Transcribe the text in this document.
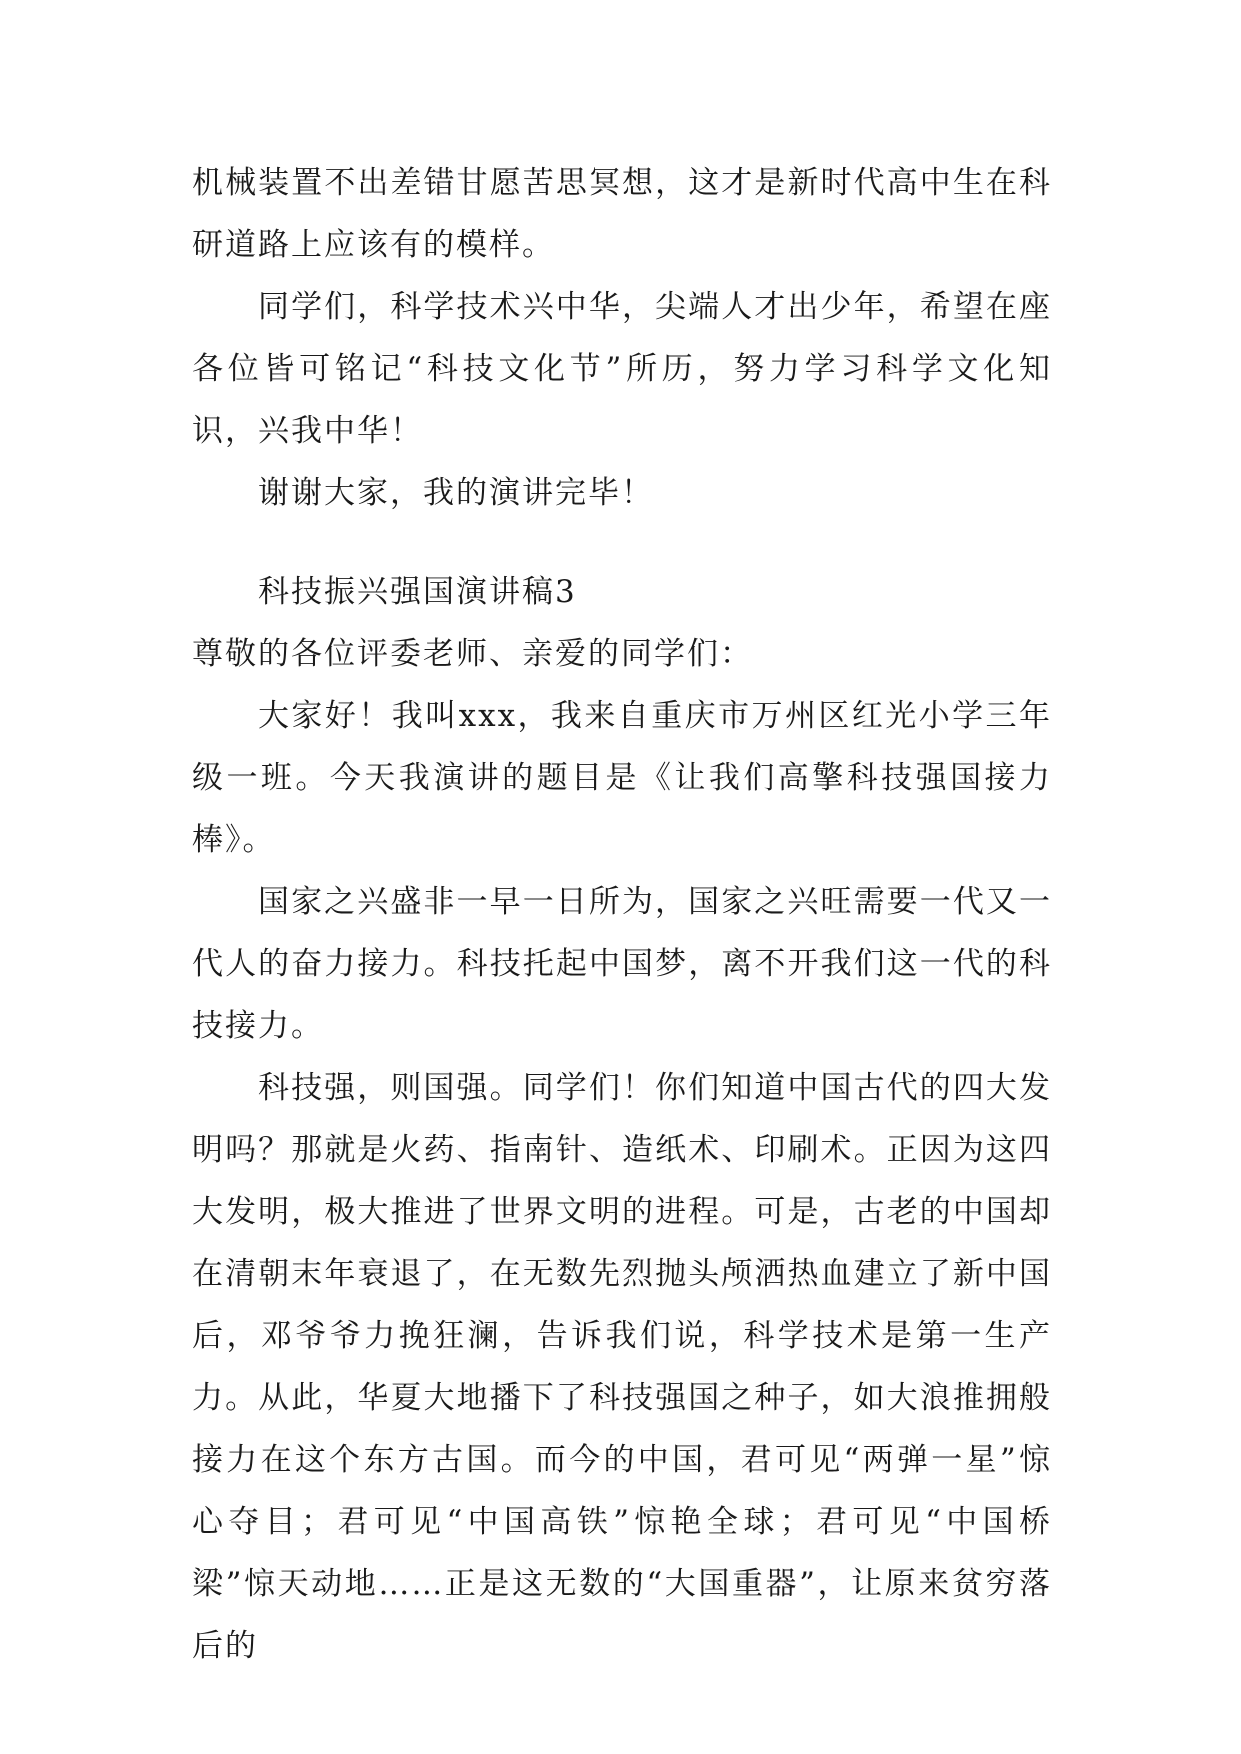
机械装置不出差错甘愿苦思冥想，这才是新时代高中生在科研道路上应该有的模样。

同学们，科学技术兴中华，尖端人才出少年，希望在座各位皆可铭记“科技文化节”所历，努力学习科学文化知识，兴我中华！

谢谢大家，我的演讲完毕！

科技振兴强国演讲稿3

尊敬的各位评委老师、亲爱的同学们：

大家好！我叫xxx，我来自重庆市万州区红光小学三年级一班。今天我演讲的题目是《让我们高擎科技强国接力棒》。

国家之兴盛非一早一日所为，国家之兴旺需要一代又一代人的奋力接力。科技托起中国梦，离不开我们这一代的科技接力。

科技强，则国强。同学们！你们知道中国古代的四大发明吗？那就是火药、指南针、造纸术、印刷术。正因为这四大发明，极大推进了世界文明的进程。可是，古老的中国却在清朝末年衰退了，在无数先烈抛头颅洒热血建立了新中国后，邓爷爷力挽狂澜，告诉我们说，科学技术是第一生产力。从此，华夏大地播下了科技强国之种子，如大浪推拥般接力在这个东方古国。而今的中国，君可见“两弹一星”惊心夺目；君可见“中国高铁”惊艳全球；君可见“中国桥梁”惊天动地……正是这无数的“大国重器”，让原来贫穷落后的
